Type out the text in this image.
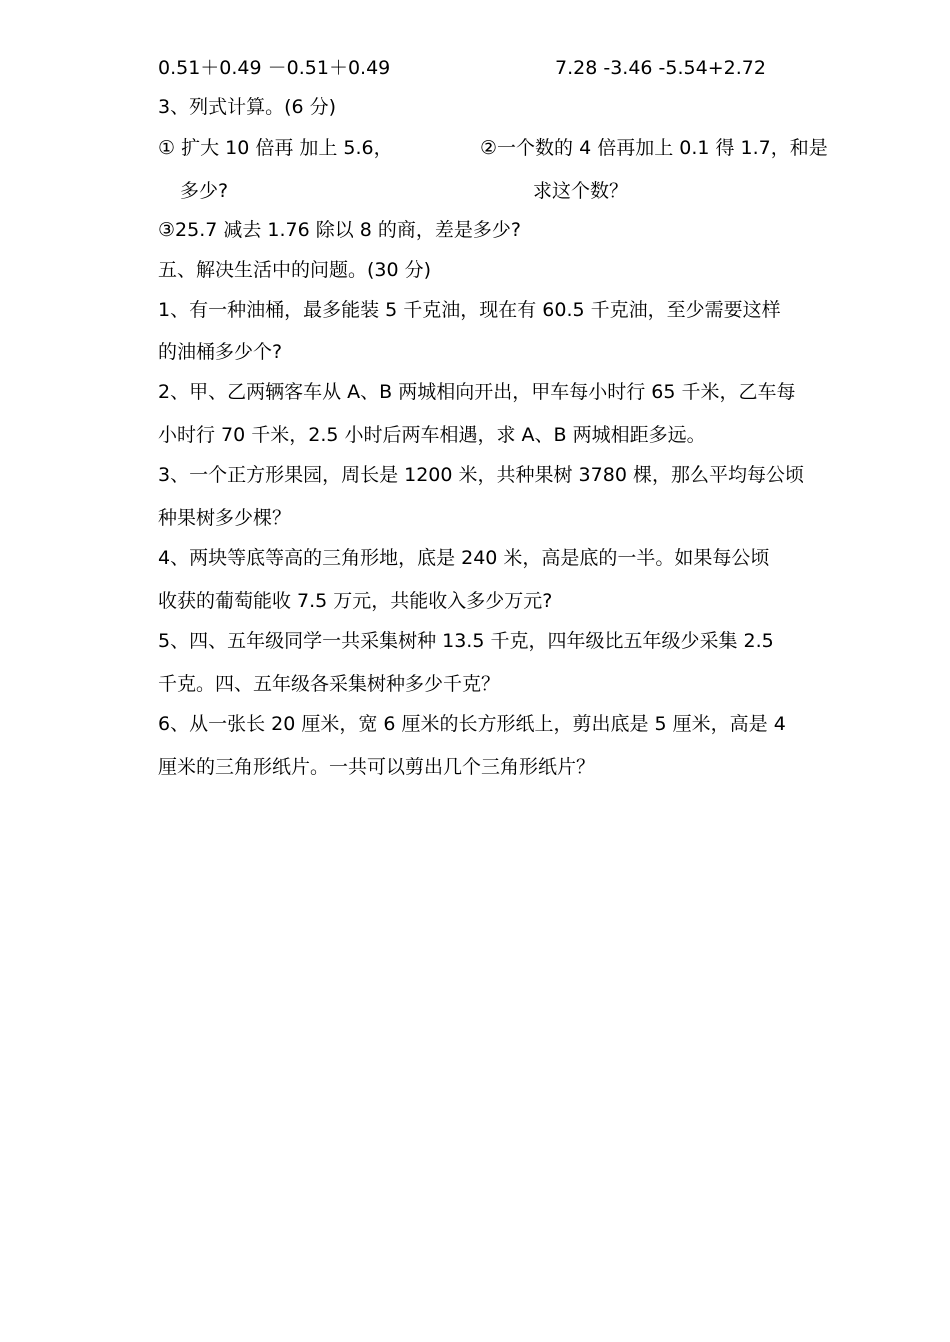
0.51＋0.49 －0.51＋0.49	7.28 -3.46 -5.54+2.72
3、列式计算。(6 分)
① 扩大 10 倍再 加上 5.6，	②一个数的 4 倍再加上 0.1 得 1.7，和是
多少?	求这个数？
③25.7 减去 1.76 除以 8 的商，差是多少?
五、解决生活中的问题。(30 分)
1、有一种油桶，最多能装 5 千克油，现在有 60.5 千克油，至少需要这样
的油桶多少个?
2、甲、乙两辆客车从 A、B 两城相向开出，甲车每小时行 65 千米，乙车每
小时行 70 千米，2.5 小时后两车相遇，求 A、B 两城相距多远。
3、一个正方形果园，周长是 1200 米，共种果树 3780 棵，那么平均每公顷
种果树多少棵？
4、两块等底等高的三角形地，底是 240 米，高是底的一半。如果每公顷
收获的葡萄能收 7.5 万元，共能收入多少万元?
5、四、五年级同学一共采集树种 13.5 千克，四年级比五年级少采集 2.5
千克。四、五年级各采集树种多少千克？
6、从一张长 20 厘米，宽 6 厘米的长方形纸上，剪出底是 5 厘米，高是 4
厘米的三角形纸片。一共可以剪出几个三角形纸片？
